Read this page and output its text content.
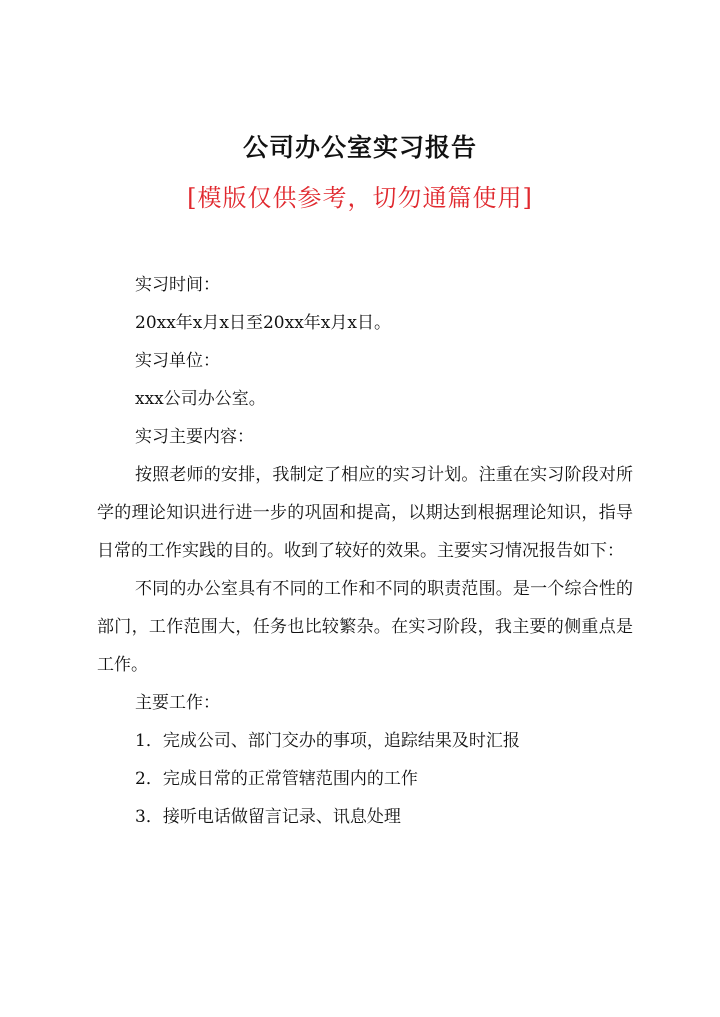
公司办公室实习报告
[模版仅供参考，切勿通篇使用]

实习时间：

20xx年x月x日至20xx年x月x日。

实习单位：

xxx公司办公室。

实习主要内容：

按照老师的安排，我制定了相应的实习计划。注重在实习阶段对所学的理论知识进行进一步的巩固和提高，以期达到根据理论知识，指导日常的工作实践的目的。收到了较好的效果。主要实习情况报告如下：

不同的办公室具有不同的工作和不同的职责范围。是一个综合性的部门，工作范围大，任务也比较繁杂。在实习阶段，我主要的侧重点是工作。

主要工作：

1．完成公司、部门交办的事项，追踪结果及时汇报

2．完成日常的正常管辖范围内的工作

3．接听电话做留言记录、讯息处理
